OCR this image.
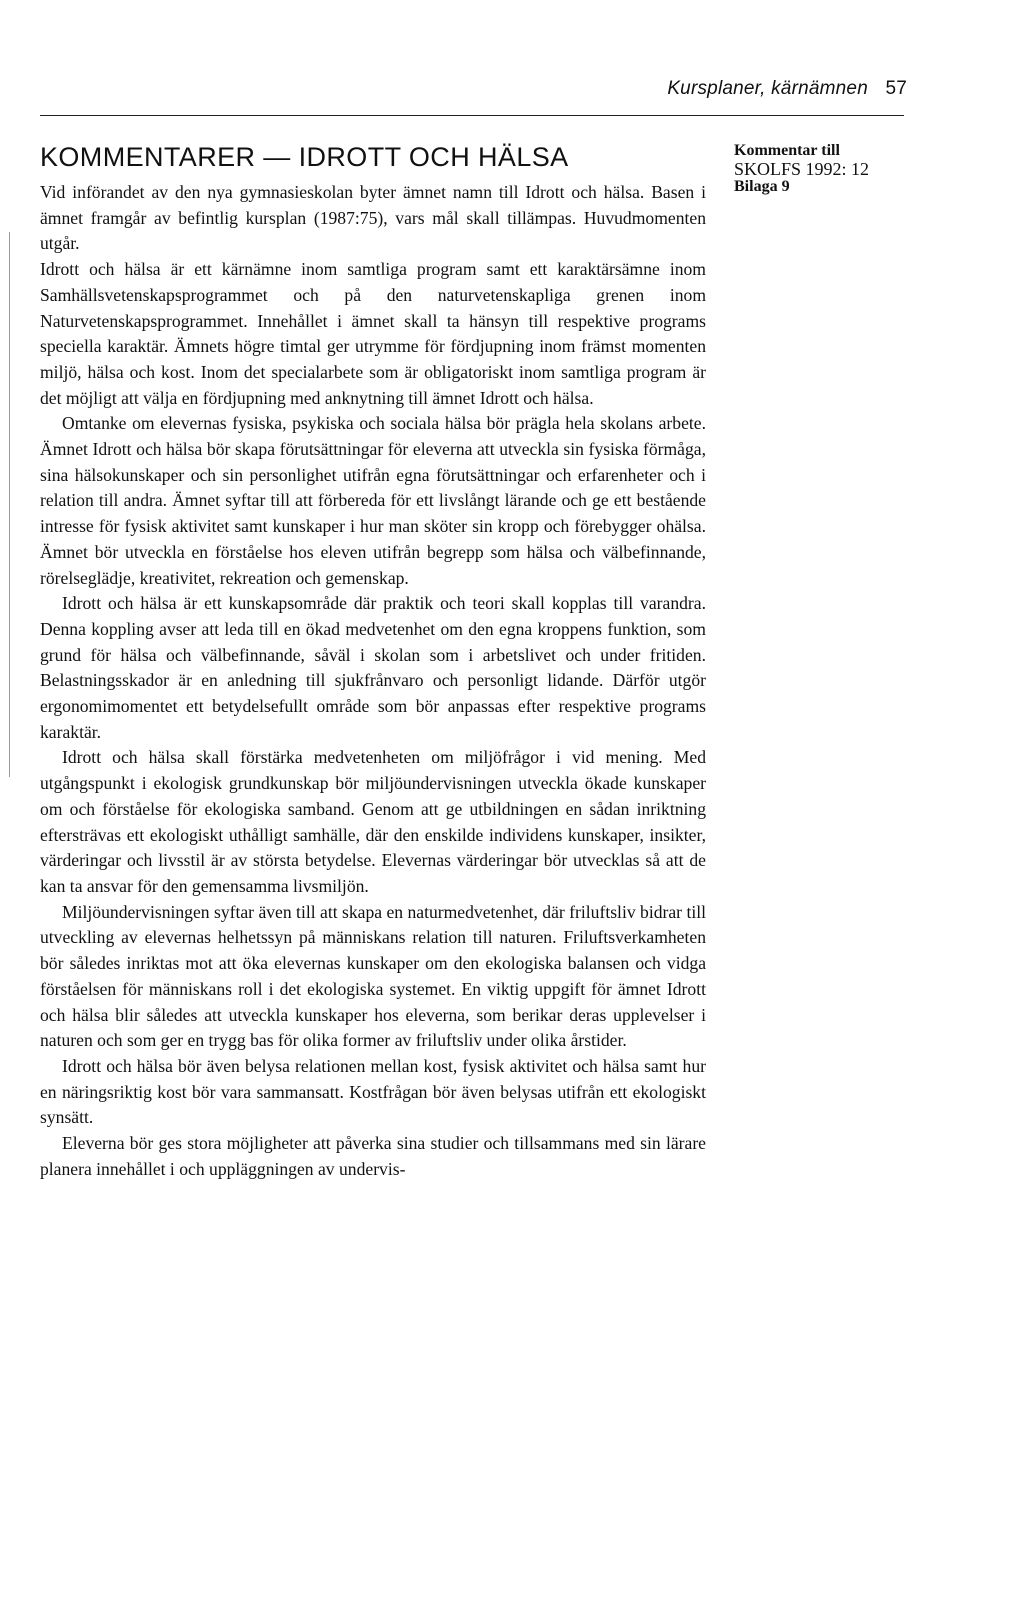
Kursplaner, kärnämnen 57
KOMMENTARER — IDROTT OCH HÄLSA

Vid införandet av den nya gymnasieskolan byter ämnet namn till Idrott och hälsa. Basen i ämnet framgår av befintlig kursplan (1987:75), vars mål skall tillämpas. Huvudmomenten utgår.

Idrott och hälsa är ett kärnämne inom samtliga program samt ett karaktärsämne inom Samhällsvetenskapsprogrammet och på den naturvetenskapliga grenen inom Naturvetenskapsprogrammet. Innehållet i ämnet skall ta hänsyn till respektive programs speciella karaktär. Ämnets högre timtal ger utrymme för fördjupning inom främst momenten miljö, hälsa och kost. Inom det specialarbete som är obligatoriskt inom samtliga program är det möjligt att välja en fördjupning med anknytning till ämnet Idrott och hälsa.

Omtanke om elevernas fysiska, psykiska och sociala hälsa bör prägla hela skolans arbete. Ämnet Idrott och hälsa bör skapa förutsättningar för eleverna att utveckla sin fysiska förmåga, sina hälsokunskaper och sin personlighet utifrån egna förutsättningar och erfarenheter och i relation till andra. Ämnet syftar till att förbereda för ett livslångt lärande och ge ett bestående intresse för fysisk aktivitet samt kunskaper i hur man sköter sin kropp och förebygger ohälsa. Ämnet bör utveckla en förståelse hos eleven utifrån begrepp som hälsa och välbefinnande, rörelseglädje, kreativitet, rekreation och gemenskap.

Idrott och hälsa är ett kunskapsområde där praktik och teori skall kopplas till varandra. Denna koppling avser att leda till en ökad medvetenhet om den egna kroppens funktion, som grund för hälsa och välbefinnande, såväl i skolan som i arbetslivet och under fritiden. Belastningsskador är en anledning till sjukfrånvaro och personligt lidande. Därför utgör ergonomimomentet ett betydelsefullt område som bör anpassas efter respektive programs karaktär.

Idrott och hälsa skall förstärka medvetenheten om miljöfrågor i vid mening. Med utgångspunkt i ekologisk grundkunskap bör miljöundervisningen utveckla ökade kunskaper om och förståelse för ekologiska samband. Genom att ge utbildningen en sådan inriktning eftersträvas ett ekologiskt uthålligt samhälle, där den enskilde individens kunskaper, insikter, värderingar och livsstil är av största betydelse. Elevernas värderingar bör utvecklas så att de kan ta ansvar för den gemensamma livsmiljön.

Miljöundervisningen syftar även till att skapa en naturmedvetenhet, där friluftsliv bidrar till utveckling av elevernas helhetssyn på människans relation till naturen. Friluftsverkamheten bör således inriktas mot att öka elevernas kunskaper om den ekologiska balansen och vidga förståelsen för människans roll i det ekologiska systemet. En viktig uppgift för ämnet Idrott och hälsa blir således att utveckla kunskaper hos eleverna, som berikar deras upplevelser i naturen och som ger en trygg bas för olika former av friluftsliv under olika årstider.

Idrott och hälsa bör även belysa relationen mellan kost, fysisk aktivitet och hälsa samt hur en näringsriktig kost bör vara sammansatt. Kostfrågan bör även belysas utifrån ett ekologiskt synsätt.

Eleverna bör ges stora möjligheter att påverka sina studier och tillsammans med sin lärare planera innehållet i och uppläggningen av undervis-

Kommentar till
SKOLFS 1992: 12
Bilaga 9
